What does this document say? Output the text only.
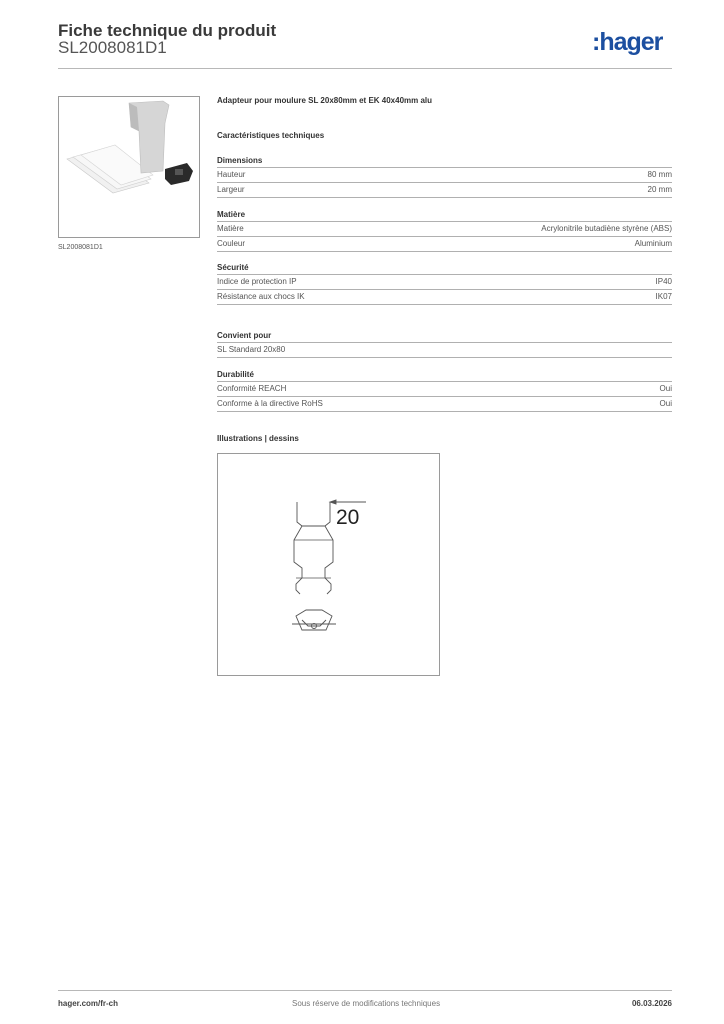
Fiche technique du produit
SL2008081D1	:hager
SL2008081D1
Adapteur pour moulure SL 20x80mm et EK 40x40mm alu
Caractéristiques techniques
Dimensions
Hauteur	80 mm
Largeur	20 mm
Matière
Matière	Acrylonitrile butadiène styrène (ABS)
Couleur	Aluminium
Sécurité
Indice de protection IP	IP40
Résistance aux chocs IK	IK07
Convient pour
SL Standard 20x80
Durabilité
Conformité REACH	Oui
Conforme à la directive RoHS	Oui
Illustrations | dessins
20
hager.com/fr-ch	Sous réserve de modifications techniques	06.03.2026
